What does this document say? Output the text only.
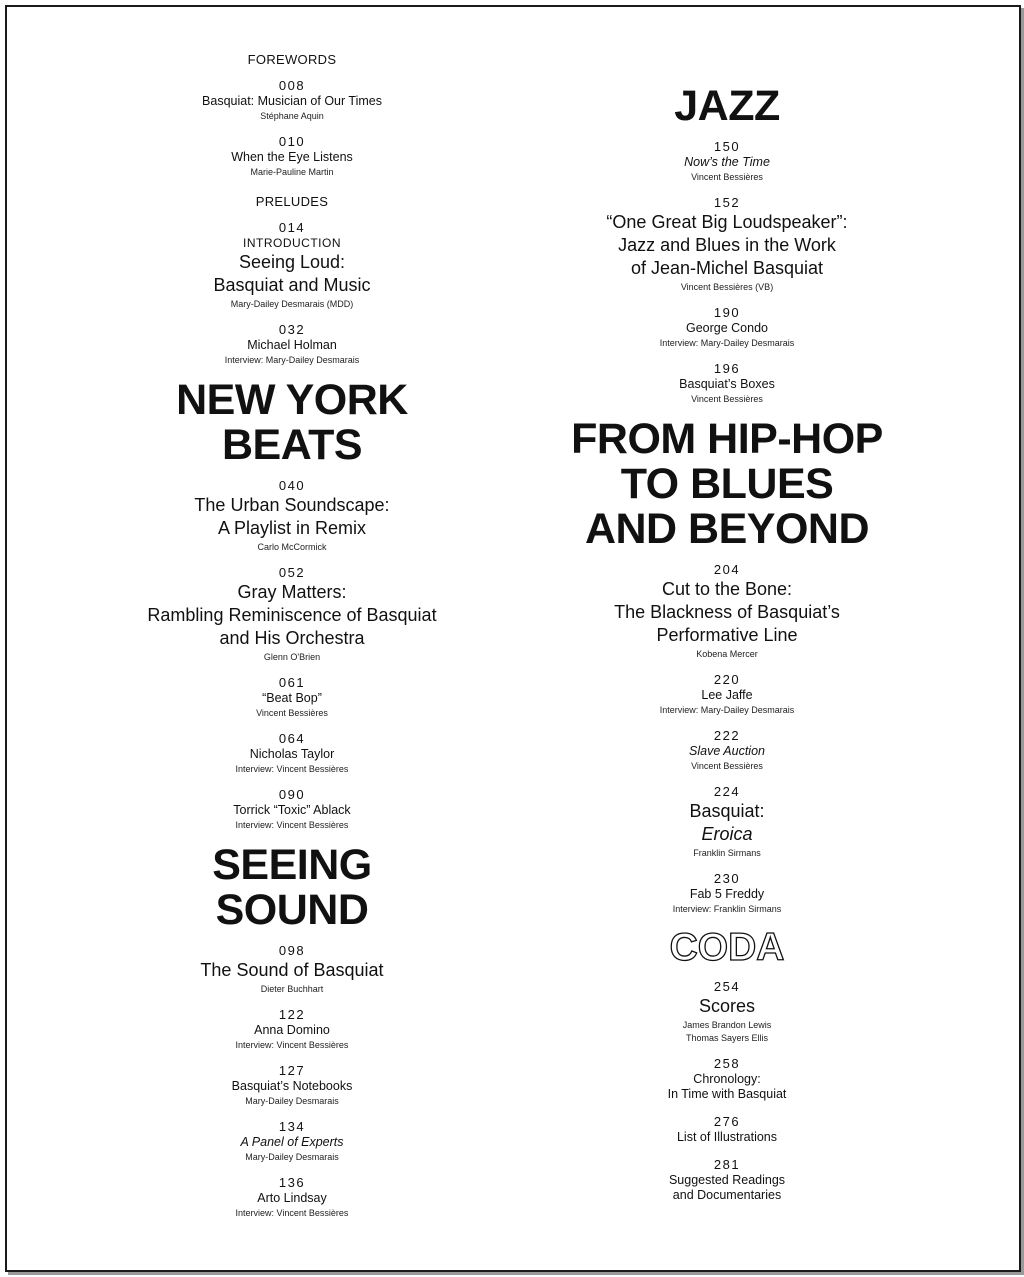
FOREWORDS
008
Basquiat: Musician of Our Times
Stéphane Aquin
010
When the Eye Listens
Marie-Pauline Martin
PRELUDES
014
INTRODUCTION
Seeing Loud:
Basquiat and Music
Mary-Dailey Desmarais (MDD)
032
Michael Holman
Interview: Mary-Dailey Desmarais
NEW YORK
BEATS
040
The Urban Soundscape:
A Playlist in Remix
Carlo McCormick
052
Gray Matters:
Rambling Reminiscence of Basquiat
and His Orchestra
Glenn O'Brien
061
“Beat Bop”
Vincent Bessières
064
Nicholas Taylor
Interview: Vincent Bessières
090
Torrick “Toxic” Ablack
Interview: Vincent Bessières
SEEING
SOUND
098
The Sound of Basquiat
Dieter Buchhart
122
Anna Domino
Interview: Vincent Bessières
127
Basquiat’s Notebooks
Mary-Dailey Desmarais
134
A Panel of Experts
Mary-Dailey Desmarais
136
Arto Lindsay
Interview: Vincent Bessières
JAZZ
150
Now’s the Time
Vincent Bessières
152
“One Great Big Loudspeaker”:
Jazz and Blues in the Work
of Jean-Michel Basquiat
Vincent Bessières (VB)
190
George Condo
Interview: Mary-Dailey Desmarais
196
Basquiat’s Boxes
Vincent Bessières
FROM HIP-HOP
TO BLUES
AND BEYOND
204
Cut to the Bone:
The Blackness of Basquiat’s
Performative Line
Kobena Mercer
220
Lee Jaffe
Interview: Mary-Dailey Desmarais
222
Slave Auction
Vincent Bessières
224
Basquiat:
Eroica
Franklin Sirmans
230
Fab 5 Freddy
Interview: Franklin Sirmans
CODA
254
Scores
James Brandon Lewis
Thomas Sayers Ellis
258
Chronology:
In Time with Basquiat
276
List of Illustrations
281
Suggested Readings
and Documentaries
